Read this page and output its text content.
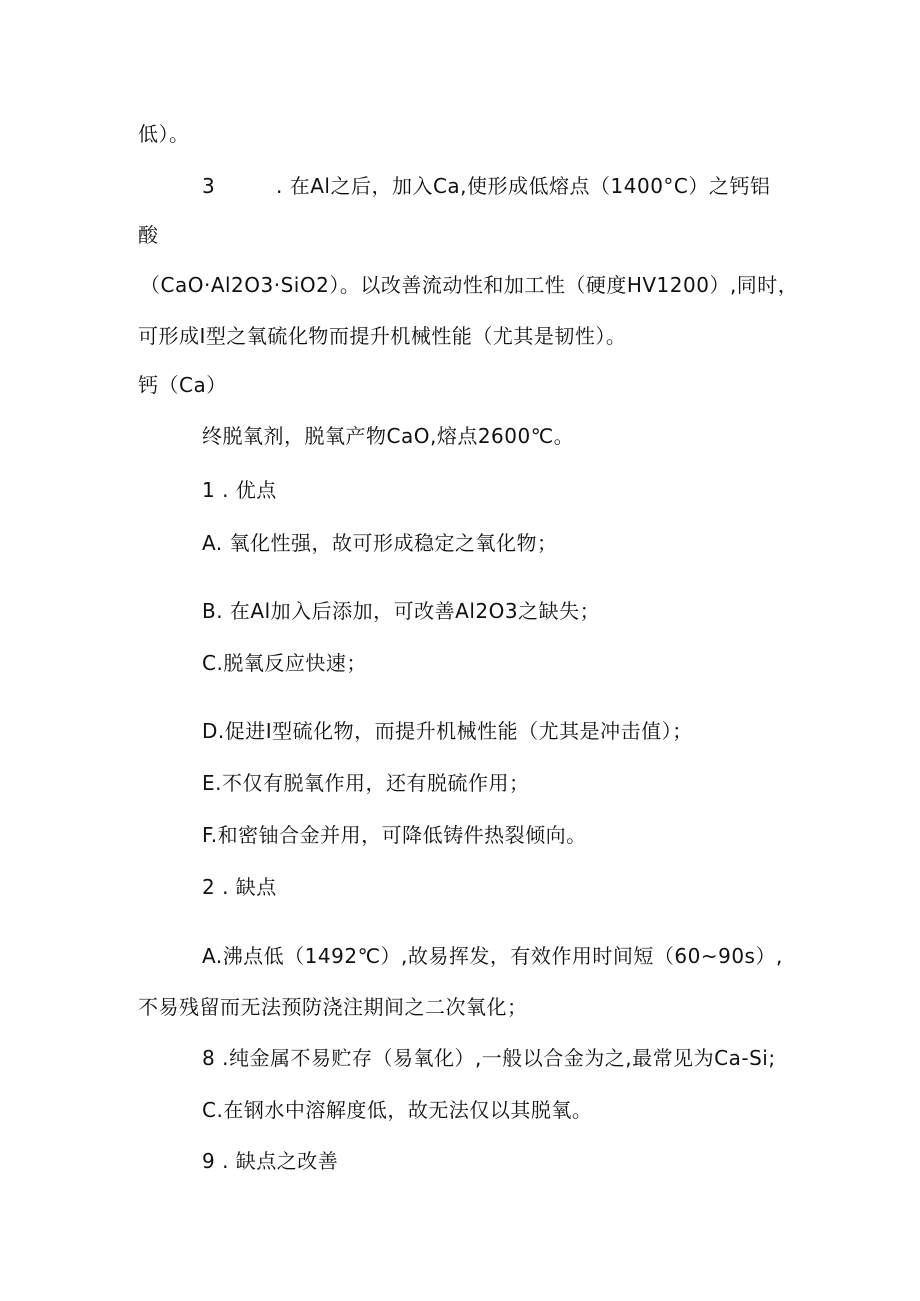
低）。
3	. 在Al之后，加入Ca,使形成低熔点（1400°C）之钙铝
酸
（CaO·Al2O3·SiO2）。以改善流动性和加工性（硬度HV1200）,同时，
可形成I型之氧硫化物而提升机械性能（尤其是韧性）。
钙（Ca）
终脱氧剂，脱氧产物CaO,熔点2600℃。
1 . 优点
A. 氧化性强，故可形成稳定之氧化物；
B. 在Al加入后添加，可改善Al2O3之缺失；
C.脱氧反应快速；
D.促进I型硫化物，而提升机械性能（尤其是冲击值）；
E.不仅有脱氧作用，还有脱硫作用；
F.和密铀合金并用，可降低铸件热裂倾向。
2 . 缺点
A.沸点低（1492℃）,故易挥发，有效作用时间短（60~90s）,
不易残留而无法预防浇注期间之二次氧化；
8 .纯金属不易贮存（易氧化）,一般以合金为之,最常见为Ca-Si;
C.在钢水中溶解度低，故无法仅以其脱氧。
9 . 缺点之改善
